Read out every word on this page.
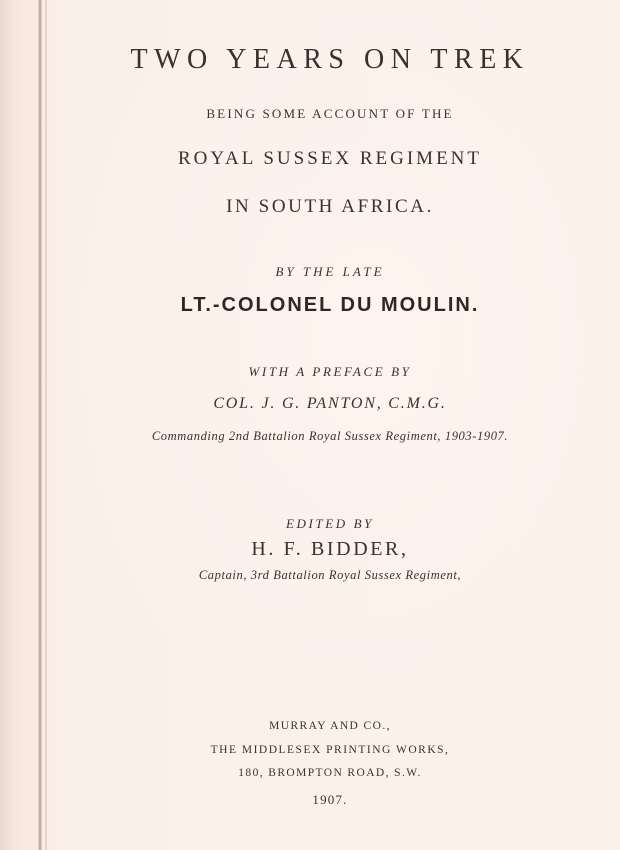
TWO YEARS ON TREK
BEING SOME ACCOUNT OF THE
ROYAL SUSSEX REGIMENT
IN SOUTH AFRICA.
BY THE LATE
LT.-COLONEL DU MOULIN.
WITH A PREFACE BY
COL. J. G. PANTON, C.M.G.
Commanding 2nd Battalion Royal Sussex Regiment, 1903-1907.
EDITED BY
H. F. BIDDER,
Captain, 3rd Battalion Royal Sussex Regiment,
MURRAY AND CO.,
THE MIDDLESEX PRINTING WORKS,
180, BROMPTON ROAD, S.W.
1907.
